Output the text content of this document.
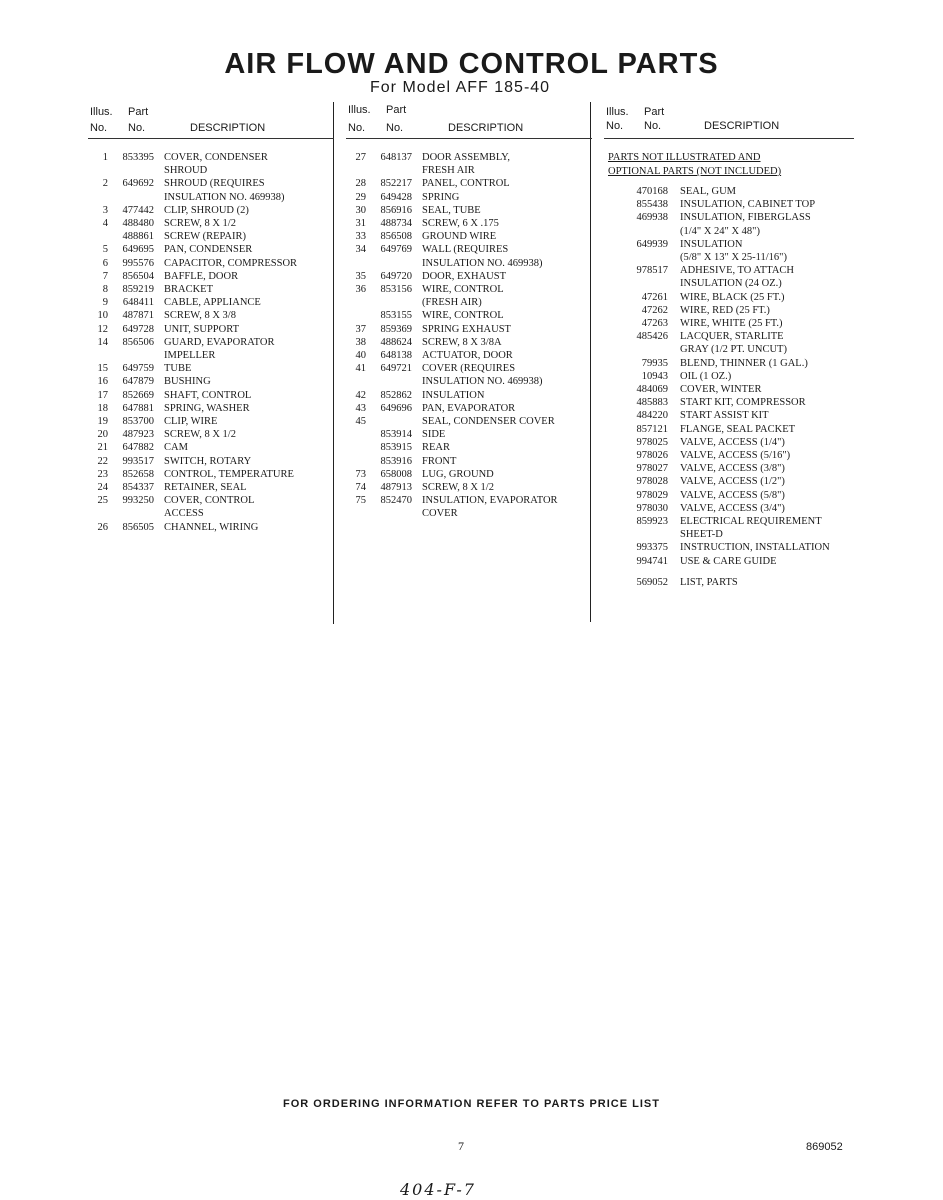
AIR FLOW AND CONTROL PARTS
For Model AFF 185-40
Illus.
No.
Part
No.	DESCRIPTION
1	853395 COVER, CONDENSER
SHROUD
2	649692 SHROUD (REQUIRES
INSULATION NO. 469938)
3	477442 CLIP, SHROUD (2)
4	488480 SCREW, 8 X 1/2
488861 SCREW (REPAIR)
5	649695 PAN, CONDENSER
6	995576 CAPACITOR, COMPRESSOR
7	856504 BAFFLE, DOOR
8	859219 BRACKET
9	648411 CABLE, APPLIANCE
10	487871 SCREW, 8 X 3/8
12	649728 UNIT, SUPPORT
14	856506 GUARD, EVAPORATOR
IMPELLER
15	649759 TUBE
16	647879 BUSHING
17	852669 SHAFT, CONTROL
18	647881 SPRING, WASHER
19	853700 CLIP, WIRE
20	487923 SCREW, 8 X 1/2
21	647882 CAM
22	993517 SWITCH, ROTARY
23	852658 CONTROL, TEMPERATURE
24	854337 RETAINER, SEAL
25	993250 COVER, CONTROL
ACCESS
26	856505 CHANNEL, WIRING
Illus.
No.
Part
No.	DESCRIPTION
27	648137 DOOR ASSEMBLY,
FRESH AIR
28	852217 PANEL, CONTROL
29	649428 SPRING
30	856916 SEAL, TUBE
31	488734 SCREW, 6 X .175
33	856508 GROUND WIRE
34	649769 WALL (REQUIRES
INSULATION NO. 469938)
35	649720 DOOR, EXHAUST
36	853156 WIRE, CONTROL
(FRESH AIR)
853155 WIRE, CONTROL
37	859369 SPRING EXHAUST
38	488624 SCREW, 8 X 3/8A
40	648138 ACTUATOR, DOOR
41	649721 COVER (REQUIRES
INSULATION NO. 469938)
42	852862 INSULATION
43	649696 PAN, EVAPORATOR
45	SEAL, CONDENSER COVER
853914 SIDE
853915 REAR
853916 FRONT
73	658008 LUG, GROUND
74	487913 SCREW, 8 X 1/2
75	852470 INSULATION, EVAPORATOR
COVER
Illus.
No.
Part
No.	DESCRIPTION
PARTS NOT ILLUSTRATED AND
OPTIONAL PARTS (NOT INCLUDED)
470168	SEAL, GUM
855438	INSULATION, CABINET TOP
469938	INSULATION, FIBERGLASS
(1/4" X 24" X 48")
649939	INSULATION
(5/8" X 13" X 25-11/16")
978517	ADHESIVE, TO ATTACH
INSULATION (24 OZ.)
47261	WIRE, BLACK (25 FT.)
47262	WIRE, RED (25 FT.)
47263	WIRE, WHITE (25 FT.)
485426	LACQUER, STARLITE
GRAY (1/2 PT. UNCUT)
79935	BLEND, THINNER (1 GAL.)
10943	OIL (1 OZ.)
484069	COVER, WINTER
485883	START KIT, COMPRESSOR
484220	START ASSIST KIT
857121	FLANGE, SEAL PACKET
978025	VALVE, ACCESS (1/4")
978026	VALVE, ACCESS (5/16")
978027	VALVE, ACCESS (3/8")
978028	VALVE, ACCESS (1/2")
978029	VALVE, ACCESS (5/8")
978030	VALVE, ACCESS (3/4")
859923	ELECTRICAL REQUIREMENT
SHEET-D
993375	INSTRUCTION, INSTALLATION
994741	USE & CARE GUIDE
569052	LIST, PARTS
FOR ORDERING INFORMATION REFER TO PARTS PRICE LIST
7	869052
404-F-7
